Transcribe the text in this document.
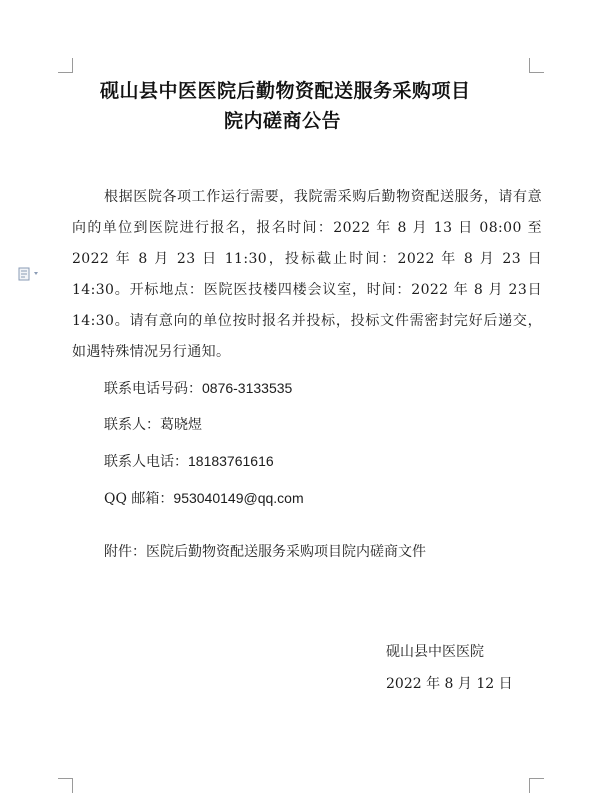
砚山县中医医院后勤物资配送服务采购项目
院内磋商公告

根据医院各项工作运行需要，我院需采购后勤物资配送服务，请有意向的单位到医院进行报名，报名时间：2022 年 8 月 13 日 08:00 至 2022 年 8 月 23 日 11:30，投标截止时间：2022 年 8 月 23 日 14:30。开标地点：医院医技楼四楼会议室，时间：2022 年 8 月 23日 14:30。请有意向的单位按时报名并投标，投标文件需密封完好后递交，如遇特殊情况另行通知。

联系电话号码：0876-3133535

联系人：葛晓煜

联系人电话：18183761616

QQ 邮箱：953040149@qq.com

附件：医院后勤物资配送服务采购项目院内磋商文件

砚山县中医医院
2022 年 8 月 12 日
